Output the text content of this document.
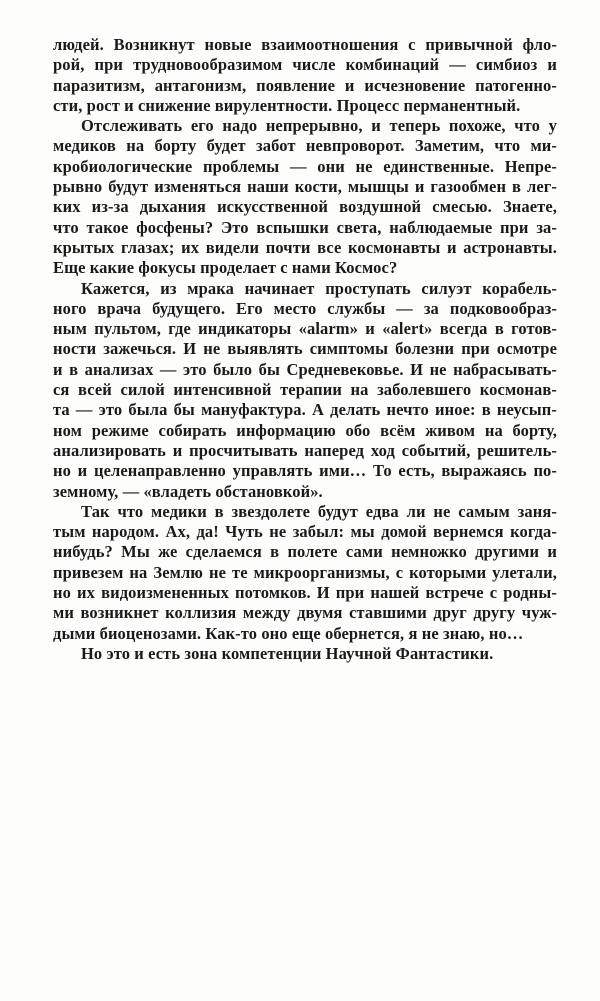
людей. Возникнут новые взаимоотношения с привычной фло-
рой, при трудновообразимом числе комбинаций — симбиоз и
паразитизм, антагонизм, появление и исчезновение патогенно-
сти, рост и снижение вирулентности. Процесс перманентный.
Отслеживать его надо непрерывно, и теперь похоже, что у
медиков на борту будет забот невпроворот. Заметим, что ми-
кробиологические проблемы — они не единственные. Непре-
рывно будут изменяться наши кости, мышцы и газообмен в лег-
ких из-за дыхания искусственной воздушной смесью. Знаете,
что такое фосфены? Это вспышки света, наблюдаемые при за-
крытых глазах; их видели почти все космонавты и астронавты.
Еще какие фокусы проделает с нами Космос?
Кажется, из мрака начинает проступать силуэт корабель-
ного врача будущего. Его место службы — за подковообраз-
ным пультом, где индикаторы «alarm» и «alert» всегда в готов-
ности зажечься. И не выявлять симптомы болезни при осмотре
и в анализах — это было бы Средневековье. И не набрасывать-
ся всей силой интенсивной терапии на заболевшего космонав-
та — это была бы мануфактура. А делать нечто иное: в неусып-
ном режиме собирать информацию обо всём живом на борту,
анализировать и просчитывать наперед ход событий, решитель-
но и целенаправленно управлять ими… То есть, выражаясь по-
земному, — «владеть обстановкой».
Так что медики в звездолете будут едва ли не самым заня-
тым народом. Ах, да! Чуть не забыл: мы домой вернемся когда-
нибудь? Мы же сделаемся в полете сами немножко другими и
привезем на Землю не те микроорганизмы, с которыми улетали,
но их видоизмененных потомков. И при нашей встрече с родны-
ми возникнет коллизия между двумя ставшими друг другу чуж-
дыми биоценозами. Как-то оно еще обернется, я не знаю, но…
Но это и есть зона компетенции Научной Фантастики.
